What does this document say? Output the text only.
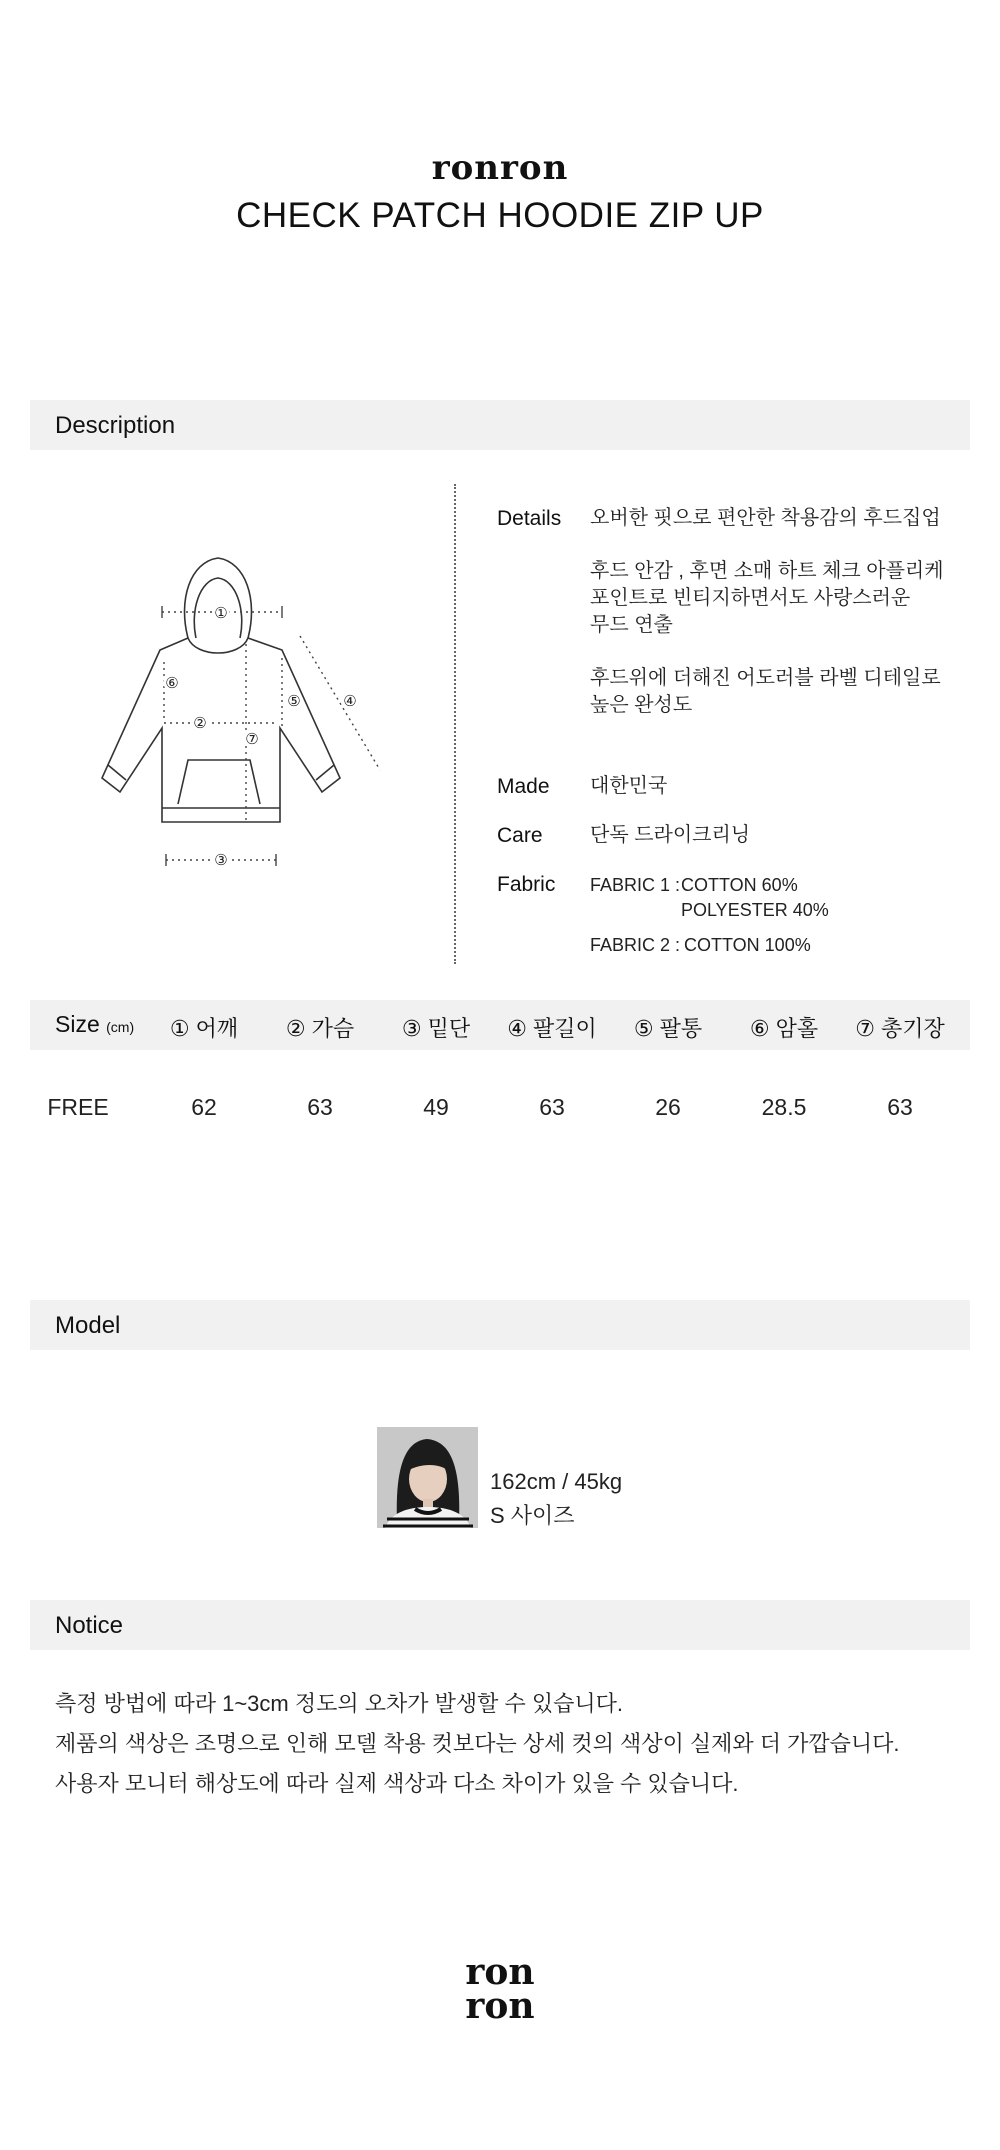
ronron
CHECK PATCH HOODIE ZIP UP
Description
①
②
③
④
⑤
⑥
⑦
Details 오버한 핏으로 편안한 착용감의 후드집업
후드 안감 , 후면 소매 하트 체크 아플리케
포인트로 빈티지하면서도 사랑스러운
무드 연출
후드위에 더해진 어도러블 라벨 디테일로
높은 완성도
Made 대한민국
Care 단독 드라이크리닝
Fabric FABRIC 1 : COTTON 60%
POLYESTER 40%
FABRIC 2 : COTTON 100%
Size (cm)	① 어깨	② 가슴	③ 밑단	④ 팔길이	⑤ 팔통	⑥ 암홀	⑦ 총기장
FREE	62	63	49	63	26	28.5	63
Model
162cm / 45kg
S 사이즈
Notice
측정 방법에 따라 1~3cm 정도의 오차가 발생할 수 있습니다.
제품의 색상은 조명으로 인해 모델 착용 컷보다는 상세 컷의 색상이 실제와 더 가깝습니다.
사용자 모니터 해상도에 따라 실제 색상과 다소 차이가 있을 수 있습니다.
ron
ron
